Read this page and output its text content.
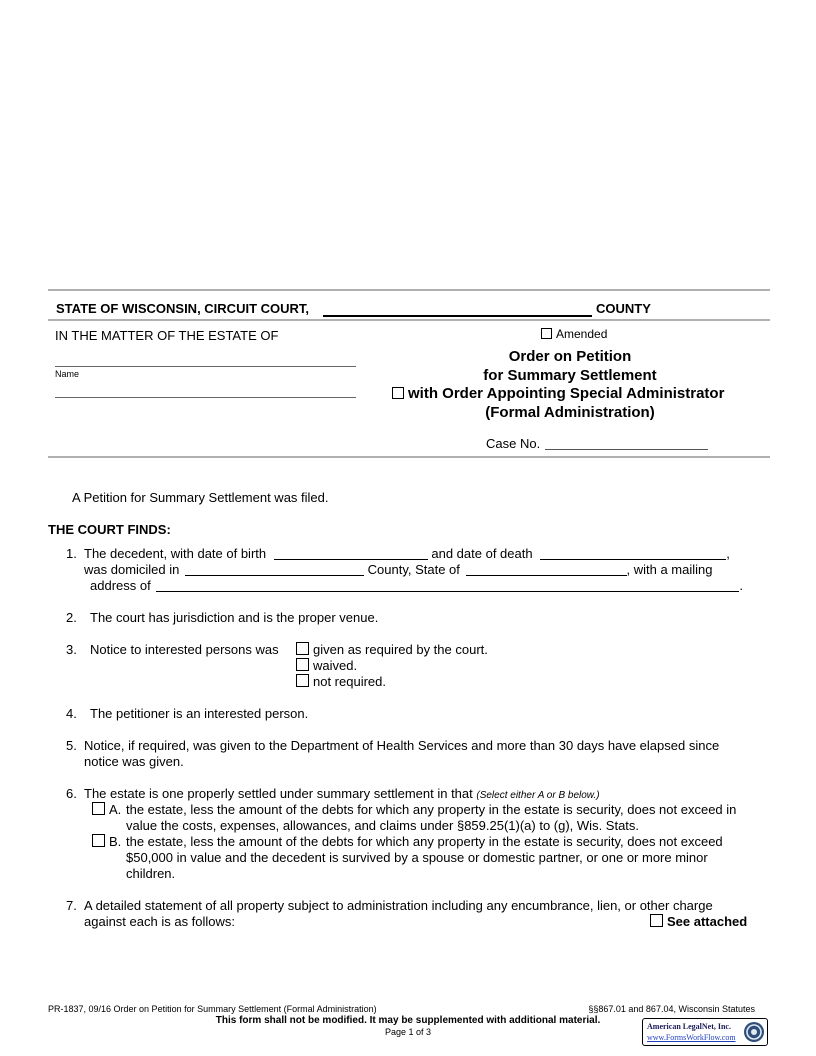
STATE OF WISCONSIN, CIRCUIT COURT,	COUNTY
IN THE MATTER OF THE ESTATE OF
Name
Amended
Order on Petition
for Summary Settlement
with Order Appointing Special Administrator
(Formal Administration)
Case No.
A Petition for Summary Settlement was filed.
THE COURT FINDS:
1. The decedent, with date of birth	and date of death	,
was domiciled in	County, State of	, with a mailing
address of	.
2. The court has jurisdiction and is the proper venue.
3. Notice to interested persons was	given as required by the court.
waived.
not required.
4. The petitioner is an interested person.
5. Notice, if required, was given to the Department of Health Services and more than 30 days have elapsed since
notice was given.
6. The estate is one properly settled under summary settlement in that (Select either A or B below.)
A. the estate, less the amount of the debts for which any property in the estate is security, does not exceed in
value the costs, expenses, allowances, and claims under §859.25(1)(a) to (g), Wis. Stats.
B. the estate, less the amount of the debts for which any property in the estate is security, does not exceed
$50,000 in value and the decedent is survived by a spouse or domestic partner, or one or more minor
children.
7. A detailed statement of all property subject to administration including any encumbrance, lien, or other charge
against each is as follows:	See attached
PR-1837, 09/16 Order on Petition for Summary Settlement (Formal Administration)	§§867.01 and 867.04, Wisconsin Statutes
This form shall not be modified. It may be supplemented with additional material.
Page 1 of 3
American LegalNet, Inc.
www.FormsWorkFlow.com
